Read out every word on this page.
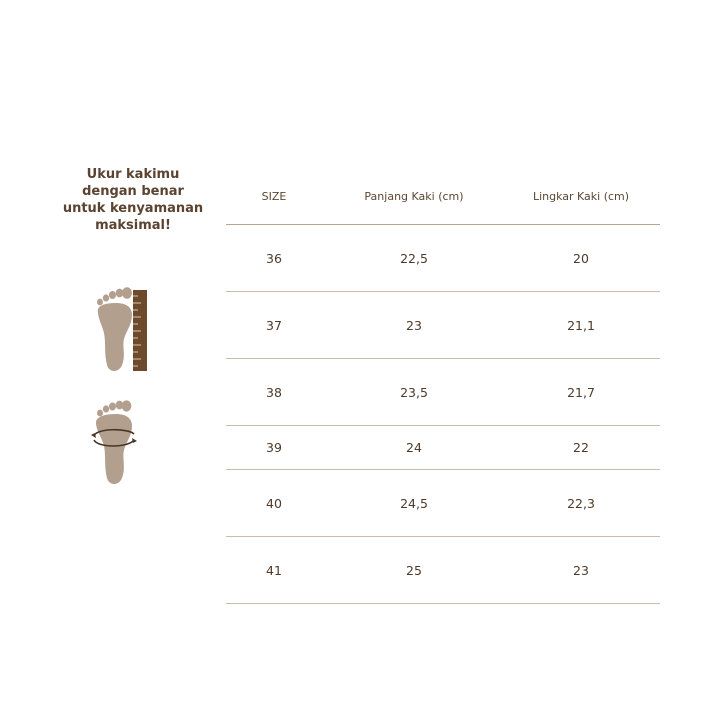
Ukur kakimu
dengan benar
untuk kenyamanan
maksimal!
SIZE	Panjang Kaki (cm)	Lingkar Kaki (cm)
36	22,5	20
37	23	21,1
38	23,5	21,7
39	24	22
40	24,5	22,3
41	25	23
